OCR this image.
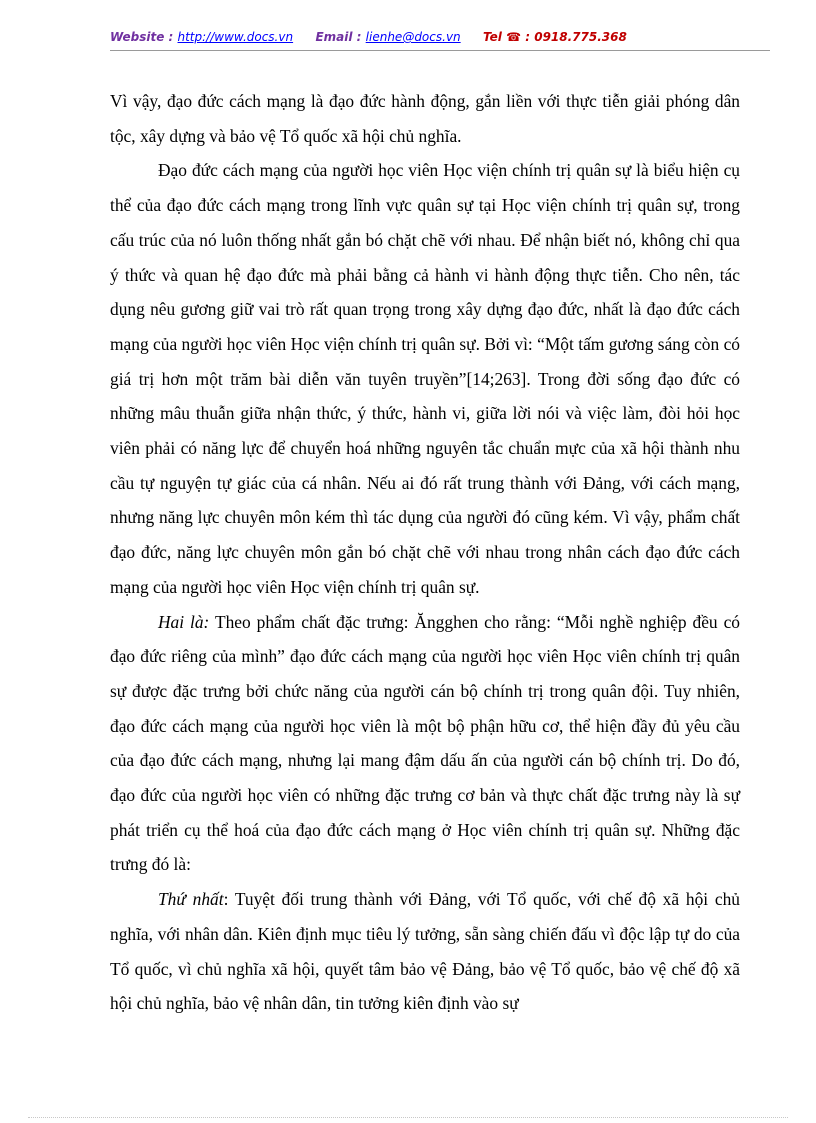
Website : http://www.docs.vn Email : lienhe@docs.vn Tel ☎ : 0918.775.368

Vì vậy, đạo đức cách mạng là đạo đức hành động, gắn liền với thực tiễn giải phóng dân tộc, xây dựng và bảo vệ Tổ quốc xã hội chủ nghĩa.

Đạo đức cách mạng của người học viên Học viện chính trị quân sự là biểu hiện cụ thể của đạo đức cách mạng trong lĩnh vực quân sự tại Học viện chính trị quân sự, trong cấu trúc của nó luôn thống nhất gắn bó chặt chẽ với nhau. Để nhận biết nó, không chỉ qua ý thức và quan hệ đạo đức mà phải bằng cả hành vi hành động thực tiễn. Cho nên, tác dụng nêu gương giữ vai trò rất quan trọng trong xây dựng đạo đức, nhất là đạo đức cách mạng của người học viên Học viện chính trị quân sự. Bởi vì: “Một tấm gương sáng còn có giá trị hơn một trăm bài diễn văn tuyên truyền”[14;263]. Trong đời sống đạo đức có những mâu thuẫn giữa nhận thức, ý thức, hành vi, giữa lời nói và việc làm, đòi hỏi học viên phải có năng lực để chuyển hoá những nguyên tắc chuẩn mực của xã hội thành nhu cầu tự nguyện tự giác của cá nhân. Nếu ai đó rất trung thành với Đảng, với cách mạng, nhưng năng lực chuyên môn kém thì tác dụng của người đó cũng kém. Vì vậy, phẩm chất đạo đức, năng lực chuyên môn gắn bó chặt chẽ với nhau trong nhân cách đạo đức cách mạng của người học viên Học viện chính trị quân sự.

Hai là: Theo phẩm chất đặc trưng: Ăngghen cho rằng: “Mỗi nghề nghiệp đều có đạo đức riêng của mình” đạo đức cách mạng của người học viên Học viên chính trị quân sự được đặc trưng bởi chức năng của người cán bộ chính trị trong quân đội. Tuy nhiên, đạo đức cách mạng của người học viên là một bộ phận hữu cơ, thể hiện đầy đủ yêu cầu của đạo đức cách mạng, nhưng lại mang đậm dấu ấn của người cán bộ chính trị. Do đó, đạo đức của người học viên có những đặc trưng cơ bản và thực chất đặc trưng này là sự phát triển cụ thể hoá của đạo đức cách mạng ở Học viên chính trị quân sự. Những đặc trưng đó là:

Thứ nhất: Tuyệt đối trung thành với Đảng, với Tổ quốc, với chế độ xã hội chủ nghĩa, với nhân dân. Kiên định mục tiêu lý tưởng, sẵn sàng chiến đấu vì độc lập tự do của Tổ quốc, vì chủ nghĩa xã hội, quyết tâm bảo vệ Đảng, bảo vệ Tổ quốc, bảo vệ chế độ xã hội chủ nghĩa, bảo vệ nhân dân, tin tưởng kiên định vào sự
